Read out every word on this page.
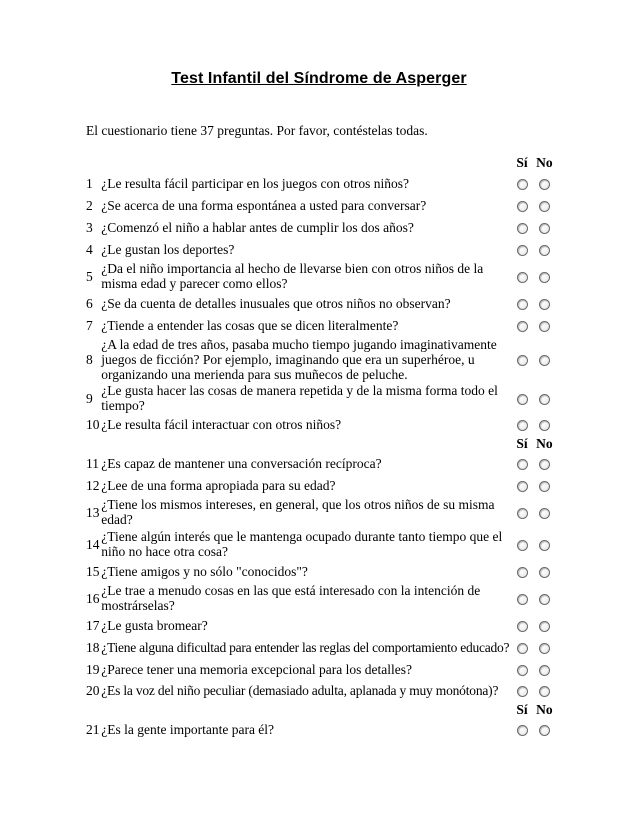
Test Infantil del Síndrome de Asperger
El cuestionario tiene 37 preguntas. Por favor, contéstelas todas.
		Sí	No
1	¿Le resulta fácil participar en los juegos con otros niños?		
2	¿Se acerca de una forma espontánea a usted para conversar?		
3	¿Comenzó el niño a hablar antes de cumplir los dos años?		
4	¿Le gustan los deportes?		
5	¿Da el niño importancia al hecho de llevarse bien con otros niños de la misma edad y parecer como ellos?		
6	¿Se da cuenta de detalles inusuales que otros niños no observan?		
7	¿Tiende a entender las cosas que se dicen literalmente?		
8	¿A la edad de tres años, pasaba mucho tiempo jugando imaginativamente juegos de ficción? Por ejemplo, imaginando que era un superhéroe, u organizando una merienda para sus muñecos de peluche.		
9	¿Le gusta hacer las cosas de manera repetida y de la misma forma todo el tiempo?		
10	¿Le resulta fácil interactuar con otros niños?		
		Sí	No
11	¿Es capaz de mantener una conversación recíproca?		
12	¿Lee de una forma apropiada para su edad?		
13	¿Tiene los mismos intereses, en general, que los otros niños de su misma edad?		
14	¿Tiene algún interés que le mantenga ocupado durante tanto tiempo que el niño no hace otra cosa?		
15	¿Tiene amigos y no sólo "conocidos"?		
16	¿Le trae a menudo cosas en las que está interesado con la intención de mostrárselas?		
17	¿Le gusta bromear?		
18	¿Tiene alguna dificultad para entender las reglas del comportamiento educado?		
19	¿Parece tener una memoria excepcional para los detalles?		
20	¿Es la voz del niño peculiar (demasiado adulta, aplanada y muy monótona)?		
		Sí	No
21	¿Es la gente importante para él?		
